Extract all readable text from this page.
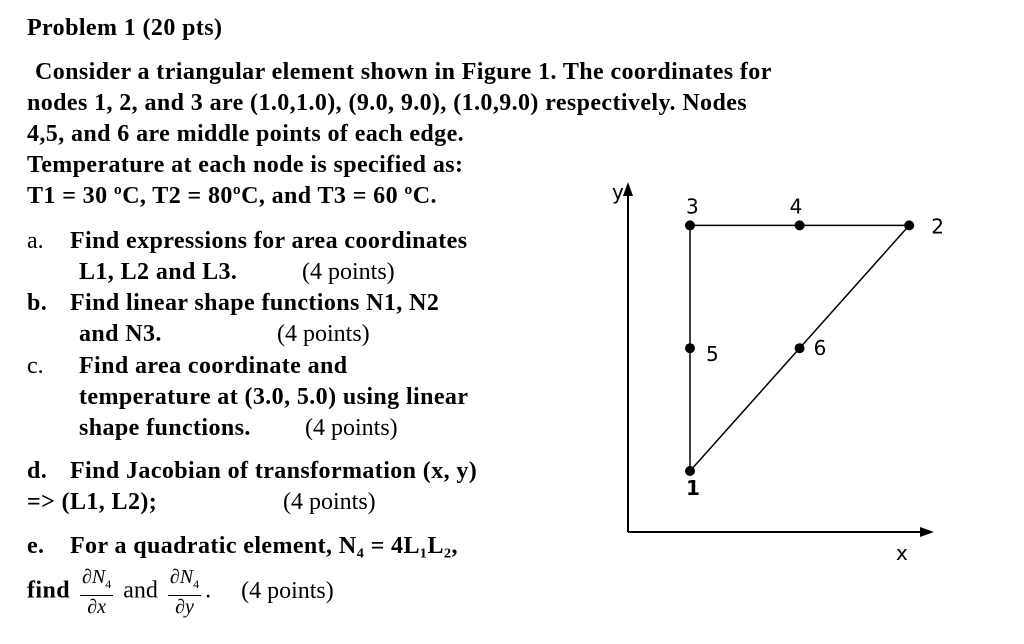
Problem 1 (20 pts)
Consider a triangular element shown in Figure 1. The coordinates for
nodes 1, 2, and 3 are (1.0,1.0), (9.0, 9.0), (1.0,9.0) respectively. Nodes
4,5, and 6 are middle points of each edge.
Temperature at each node is specified as:
T1 = 30 ºC, T2 = 80ºC, and T3 = 60 ºC.
a. Find expressions for area coordinates
L1, L2 and L3.	(4 points)
b. Find linear shape functions N1, N2
and N3.	(4 points)
c. Find area coordinate and
temperature at (3.0, 5.0) using linear
shape functions. (4 points)
d. Find Jacobian of transformation (x, y)
=> (L1, L2);	(4 points)
e. For a quadratic element, N₄ = 4L₁L₂,
find $\frac{\partial N_4}{\partial x}$ and $\frac{\partial N_4}{\partial y}$ . (4 points)
y
x
1
2
3	4
5	6
